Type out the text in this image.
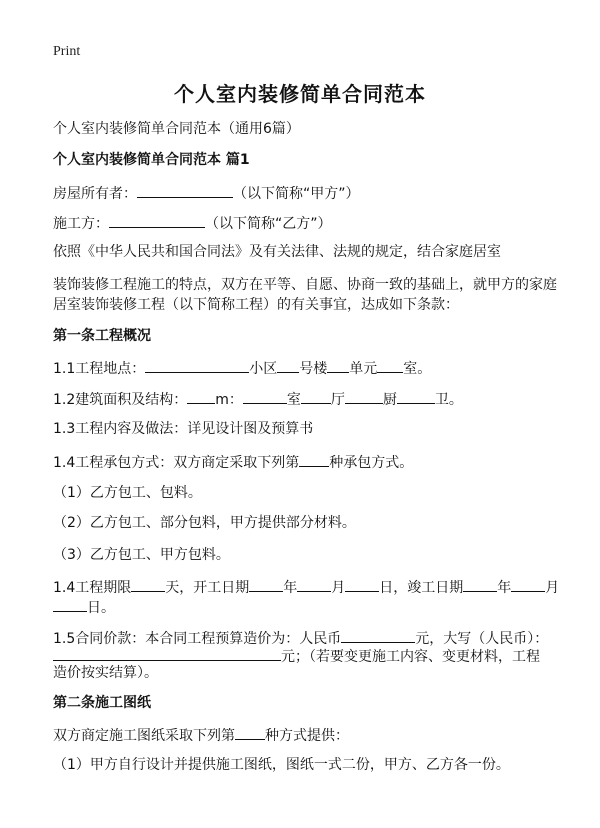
Print
个人室内装修简单合同范本
个人室内装修简单合同范本（通用6篇）
个人室内装修简单合同范本 篇1
房屋所有者：	（以下简称“甲方”）
施工方：	（以下简称“乙方”）
依照《中华人民共和国合同法》及有关法律、法规的规定，结合家庭居室
装饰装修工程施工的特点，双方在平等、自愿、协商一致的基础上，就甲方的家庭
居室装饰装修工程（以下简称工程）的有关事宜，达成如下条款：
第一条工程概况
1.1工程地点：	小区 号楼 单元 室。
1.2建筑面积及结构： m：	室 厅	厨	卫。
1.3工程内容及做法：详见设计图及预算书
1.4工程承包方式：双方商定采取下列第 种承包方式。
（1）乙方包工、包料。
（2）乙方包工、部分包料，甲方提供部分材料。
（3）乙方包工、甲方包料。
1.4工程期限 天，开工日期 年 月 日，竣工日期 年 月
日。
1.5合同价款：本合同工程预算造价为：人民币	元，大写（人民币）：
元；（若要变更施工内容、变更材料，工程
造价按实结算）。
第二条施工图纸
双方商定施工图纸采取下列第 种方式提供：
（1）甲方自行设计并提供施工图纸，图纸一式二份，甲方、乙方各一份。
